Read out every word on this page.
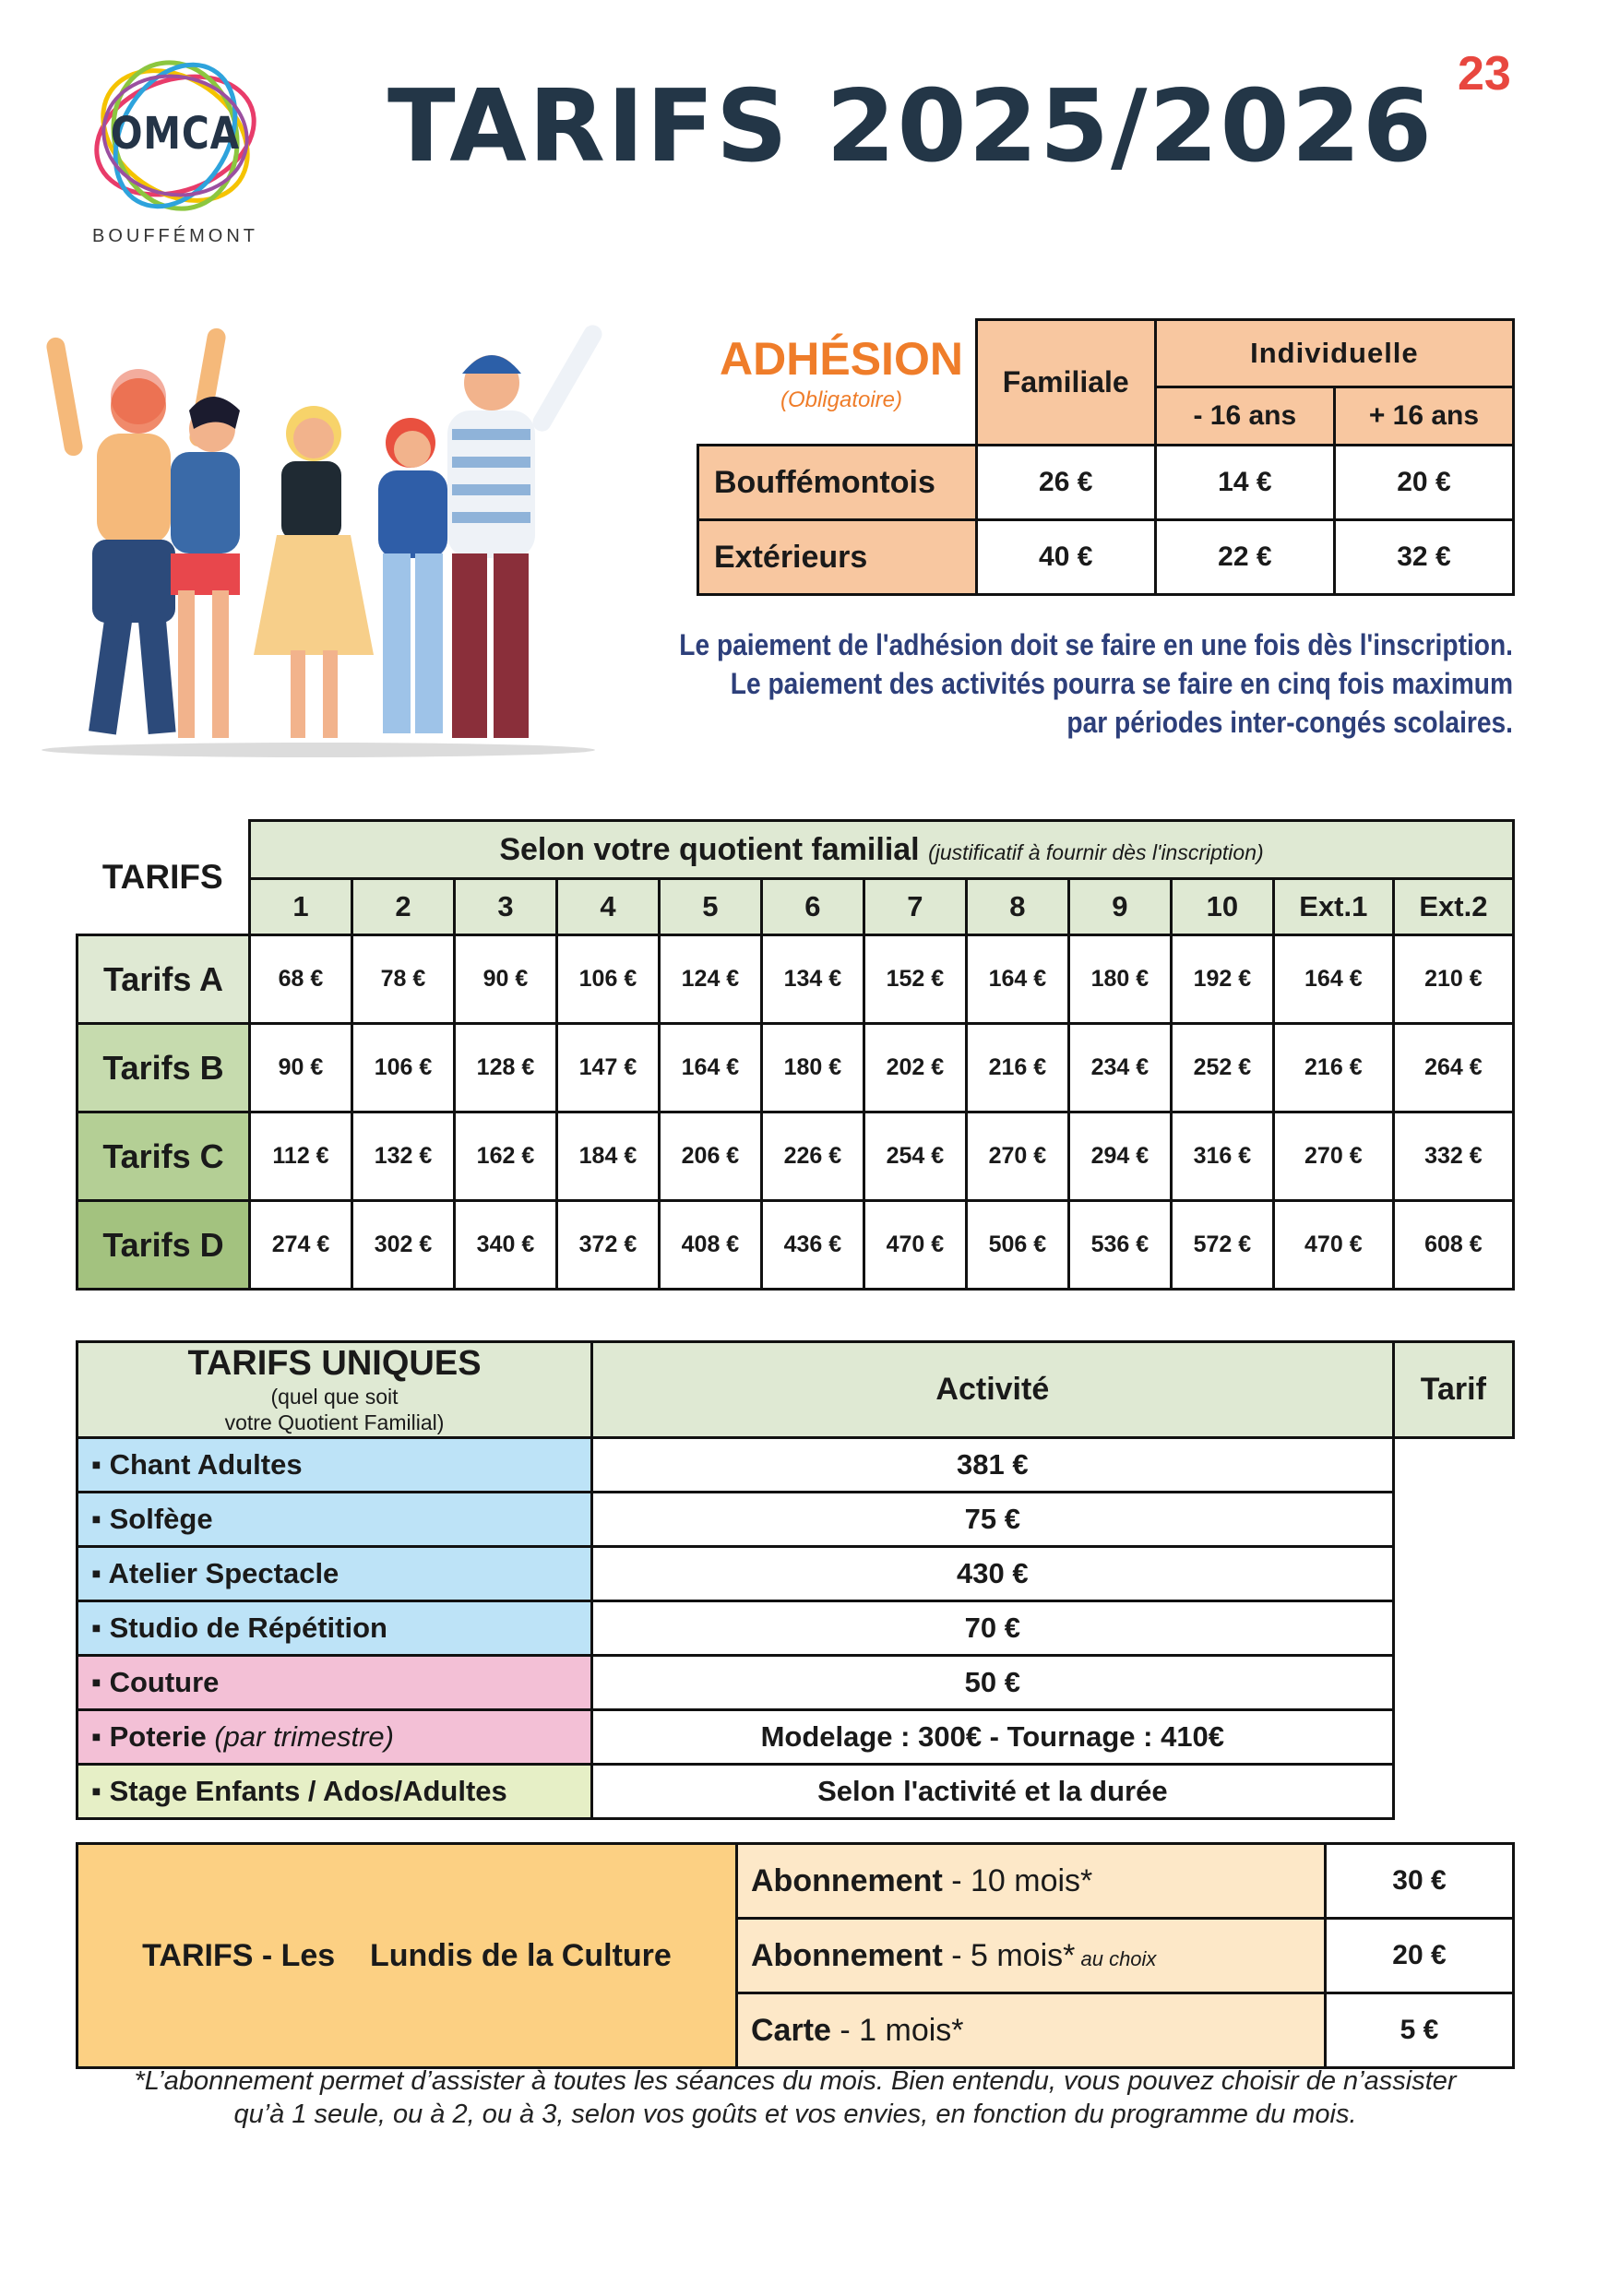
OMCA
BOUFFÉMONT
TARIFS 2025/2026 23
	Familiale	Individuelle	
		- 16 ans	+ 16 ans
Bouffémontois	26 €	14 €	20 €
Extérieurs	40 €	22 €	32 €
ADHÉSION
(Obligatoire)
Le paiement de l'adhésion doit se faire en une fois dès l'inscription.
Le paiement des activités pourra se faire en cinq fois maximum
par périodes inter-congés scolaires.
TARIFS	Selon votre quotient familial (justificatif à fournir dès l'inscription)											
	1	2	3	4	5	6	7	8	9	10	Ext.1	Ext.2
Tarifs A	68 €	78 €	90 €	106 €	124 €	134 €	152 €	164 €	180 €	192 €	164 €	210 €
Tarifs B	90 €	106 €	128 €	147 €	164 €	180 €	202 €	216 €	234 €	252 €	216 €	264 €
Tarifs C	112 €	132 €	162 €	184 €	206 €	226 €	254 €	270 €	294 €	316 €	270 €	332 €
Tarifs D	274 €	302 €	340 €	372 €	408 €	436 €	470 €	506 €	536 €	572 €	470 €	608 €
TARIFS UNIQUES
(quel que soit
votre Quotient Familial)	Activité	Tarif
▪ Chant Adultes	381 €	
▪ Solfège	75 €	
▪ Atelier Spectacle	430 €	
▪ Studio de Répétition	70 €	
▪ Couture	50 €	
▪ Poterie (par trimestre)	Modelage : 300€ - Tournage : 410€	
▪ Stage Enfants / Ados/Adultes	Selon l'activité et la durée	
TARIFS - Les    Lundis de la Culture	Abonnement - 10 mois*	30 €
	Abonnement - 5 mois* au choix	20 €
	Carte - 1 mois*	5 €
*L’abonnement permet d’assister à toutes les séances du mois. Bien entendu, vous pouvez choisir de n’assister
qu’à 1 seule, ou à 2, ou à 3, selon vos goûts et vos envies, en fonction du programme du mois.
